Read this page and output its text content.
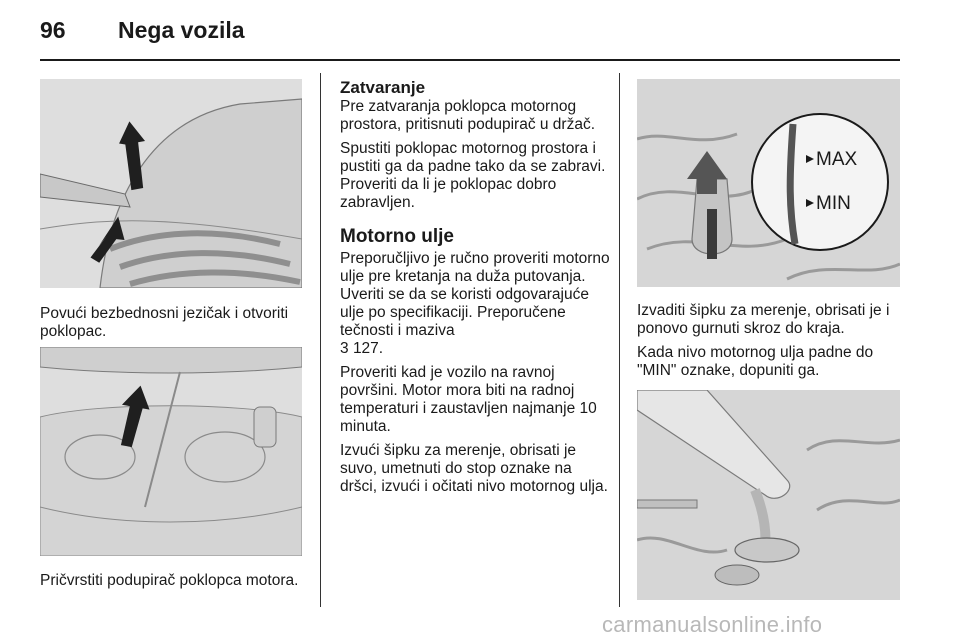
96 Nega vozila

Povući bezbednosni jezičak i otvoriti poklopac.

Pričvrstiti podupirač poklopca motora.

Zatvaranje

Pre zatvaranja poklopca motornog prostora, pritisnuti podupirač u držač.

Spustiti poklopac motornog prostora i pustiti ga da padne tako da se zabravi. Proveriti da li je poklopac dobro zabravljen.

Motorno ulje

Preporučljivo je ručno proveriti motorno ulje pre kretanja na duža putovanja. Uveriti se da se koristi odgovarajuće ulje po specifikaciji. Preporučene tečnosti i maziva
3 127.

Proveriti kad je vozilo na ravnoj površini. Motor mora biti na radnoj temperaturi i zaustavljen najmanje 10 minuta.

Izvući šipku za merenje, obrisati je suvo, umetnuti do stop oznake na dršci, izvući i očitati nivo motornog ulja.

MAX
MIN

Izvaditi šipku za merenje, obrisati je i ponovo gurnuti skroz do kraja.

Kada nivo motornog ulja padne do "MIN" oznake, dopuniti ga.

carmanualsonline.info
